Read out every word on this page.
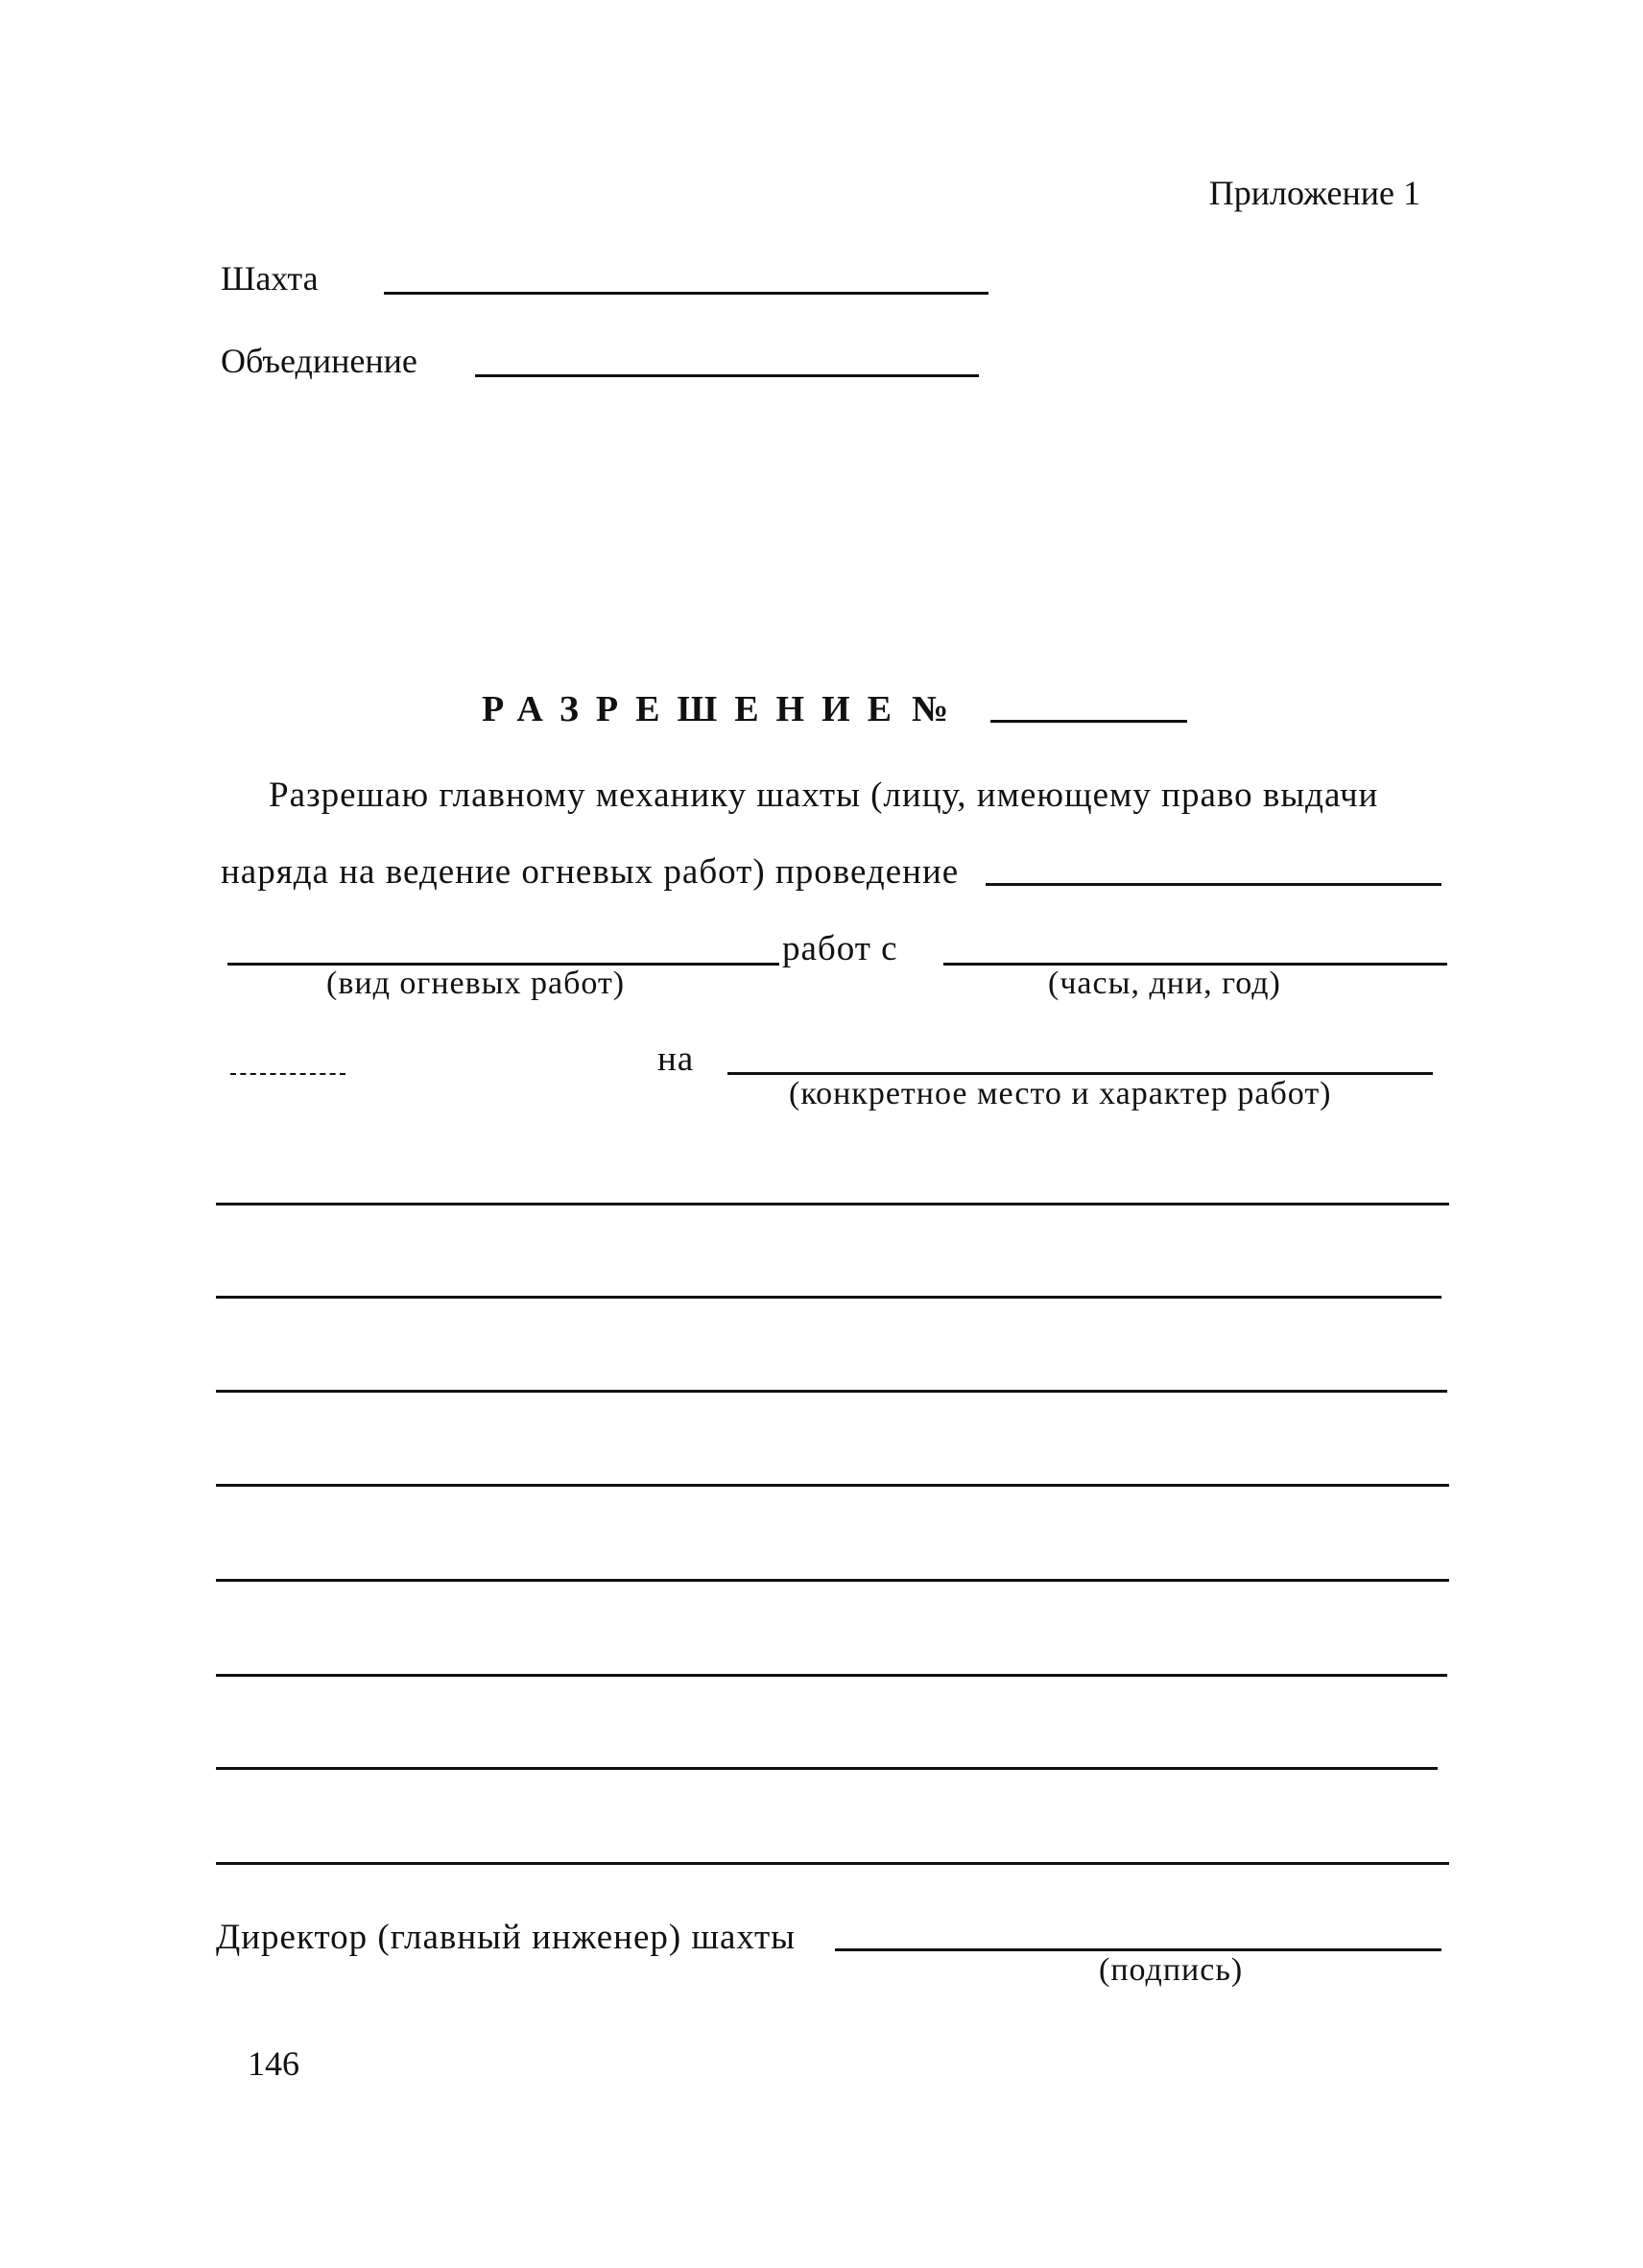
Приложение 1
Шахта
Объединение
РАЗРЕШЕНИЕ №
Разрешаю главному механику шахты (лицу, имеющему право выдачи
наряда на ведение огневых работ) проведение
работ с
(вид огневых работ)	(часы, дни, год)
на
(конкретное место и характер работ)
Директор (главный инженер) шахты
(подпись)
146
